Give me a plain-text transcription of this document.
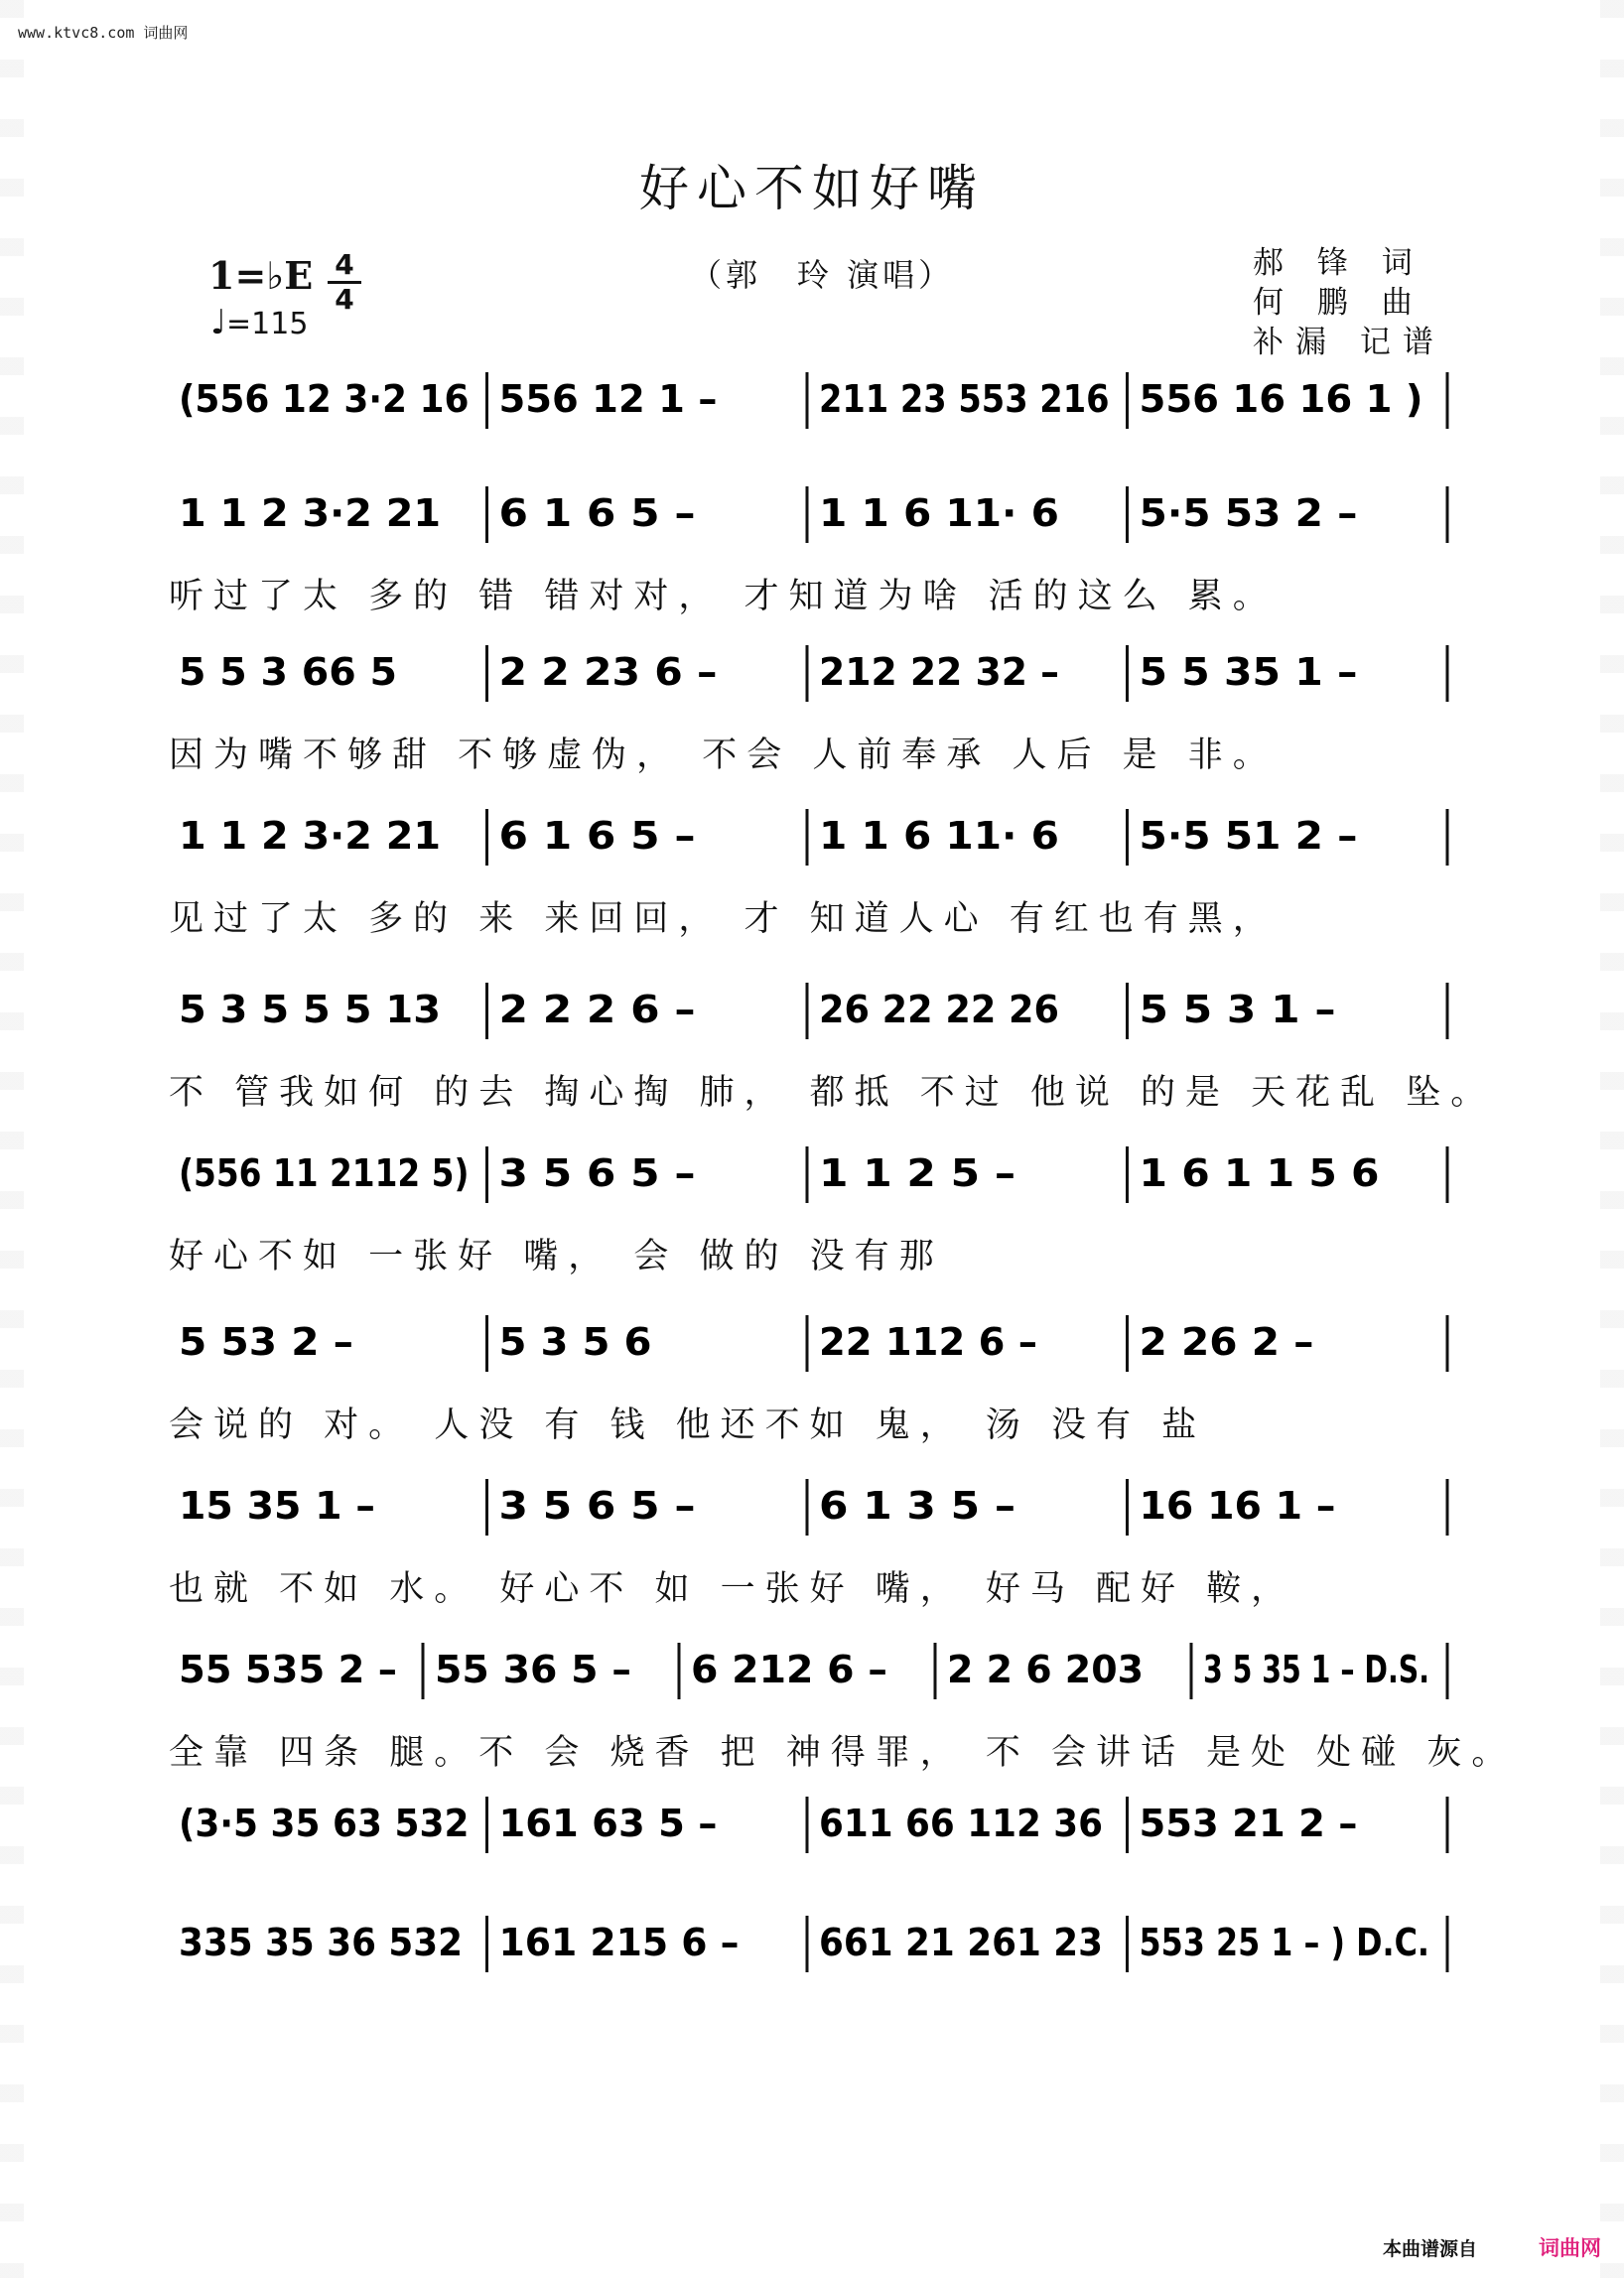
www.ktvc8.com 词曲网
好心不如好嘴
1=♭E 4
4
♩=115
（郭　玲 演唱）	郝 锋 词
何 鹏 曲
补漏 记谱
(556 12 3·2 16 556 12 1 –	211 23 553 216 556 16 16 1 )
1 1 2 3·2 21 6 1 6 5 –	1 1 6 11· 6 5·5 53 2 –
听过了太 多的 错 错对对， 才知道为啥 活的这么 累。
5 5 3 66 5	2 2 23 6 –	212 22 32 – 5 5 35 1 –
因为嘴不够甜 不够虚伪， 不会 人前奉承 人后 是 非。
1 1 2 3·2 21 6 1 6 5 –	1 1 6 11· 6 5·5 51 2 –
见过了太 多的 来 来回回， 才 知道人心 有红也有黑，
5 3 5 5 5 13 2 2 2 6 –	26 22 22 26 5 5 3 1 –
不 管我如何 的去 掏心掏 肺， 都抵 不过 他说 的是 天花乱 坠。
(556 11 2112 5) 3 5 6 5 –	1 1 2 5 –	1 6 1 1 5 6
好心不如 一张好 嘴， 会 做的 没有那
5 53 2 –	5 3 5 6	22 112 6 –	2 26 2 –
会说的 对。 人没 有 钱 他还不如 鬼， 汤 没有 盐
15 35 1 –	3 5 6 5 –	6 1 3 5 –	16 16 1 –
也就 不如 水。 好心不 如 一张好 嘴， 好马 配好 鞍，
55 535 2 – 55 36 5 – 6 212 6 – 2 2 6 203 3 5 35 1 – D.S.
全靠 四条 腿。不 会 烧香 把 神得罪， 不 会讲话 是处 处碰 灰。
(3·5 35 63 532 161 63 5 –	611 66 112 36 553 21 2 –
335 35 36 532 161 215 6 – 661 21 261 23 553 25 1 – ) D.C.
本曲谱源自	词曲网
